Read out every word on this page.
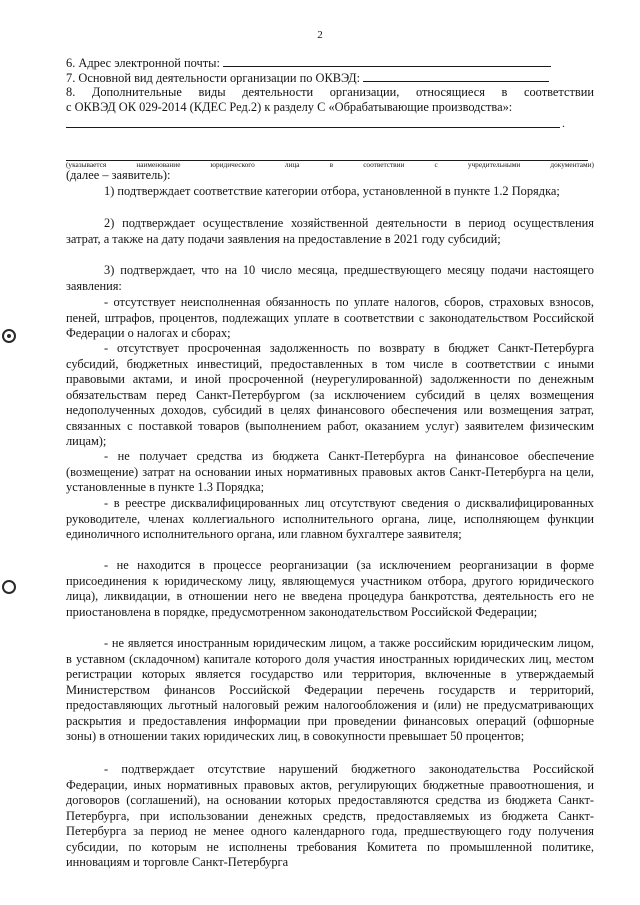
2
6. Адрес электронной почты:
7. Основной вид деятельности организации по ОКВЭД:
8. Дополнительные виды деятельности организации, относящиеся в соответствии
с ОКВЭД ОК 029-2014 (КДЕС Ред.2) к разделу С «Обрабатывающие производства»:
.
(указывается наименование юридического лица в соответствии с учредительными документами)
(далее – заявитель):
1) подтверждает соответствие категории отбора, установленной в пункте 1.2 Порядка;
2) подтверждает осуществление хозяйственной деятельности в период осуществления затрат, а также на дату подачи заявления на предоставление в 2021 году субсидий;
3) подтверждает, что на 10 число месяца, предшествующего месяцу подачи настоящего заявления:
- отсутствует неисполненная обязанность по уплате налогов, сборов, страховых взносов, пеней, штрафов, процентов, подлежащих уплате в соответствии с законодательством Российской Федерации о налогах и сборах;
- отсутствует просроченная задолженность по возврату в бюджет Санкт-Петербурга субсидий, бюджетных инвестиций, предоставленных в том числе в соответствии с иными правовыми актами, и иной просроченной (неурегулированной) задолженности по денежным обязательствам перед Санкт-Петербургом (за исключением субсидий в целях возмещения недополученных доходов, субсидий в целях финансового обеспечения или возмещения затрат, связанных с поставкой товаров (выполнением работ, оказанием услуг) заявителем физическим лицам);
- не получает средства из бюджета Санкт-Петербурга на финансовое обеспечение (возмещение) затрат на основании иных нормативных правовых актов Санкт-Петербурга на цели, установленные в пункте 1.3 Порядка;
- в реестре дисквалифицированных лиц отсутствуют сведения о дисквалифицированных руководителе, членах коллегиального исполнительного органа, лице, исполняющем функции единоличного исполнительного органа, или главном бухгалтере заявителя;
- не находится в процессе реорганизации (за исключением реорганизации в форме присоединения к юридическому лицу, являющемуся участником отбора, другого юридического лица), ликвидации, в отношении него не введена процедура банкротства, деятельность его не приостановлена в порядке, предусмотренном законодательством Российской Федерации;
- не является иностранным юридическим лицом, а также российским юридическим лицом, в уставном (складочном) капитале которого доля участия иностранных юридических лиц, местом регистрации которых является государство или территория, включенные в утверждаемый Министерством финансов Российской Федерации перечень государств и территорий, предоставляющих льготный налоговый режим налогообложения и (или) не предусматривающих раскрытия и предоставления информации при проведении финансовых операций (офшорные зоны) в отношении таких юридических лиц, в совокупности превышает 50 процентов;
- подтверждает отсутствие нарушений бюджетного законодательства Российской Федерации, иных нормативных правовых актов, регулирующих бюджетные правоотношения, и договоров (соглашений), на основании которых предоставляются средства из бюджета Санкт-Петербурга, при использовании денежных средств, предоставляемых из бюджета Санкт-Петербурга за период не менее одного календарного года, предшествующего году получения субсидии, по которым не исполнены требования Комитета по промышленной политике, инновациям и торговле Санкт-Петербурга
